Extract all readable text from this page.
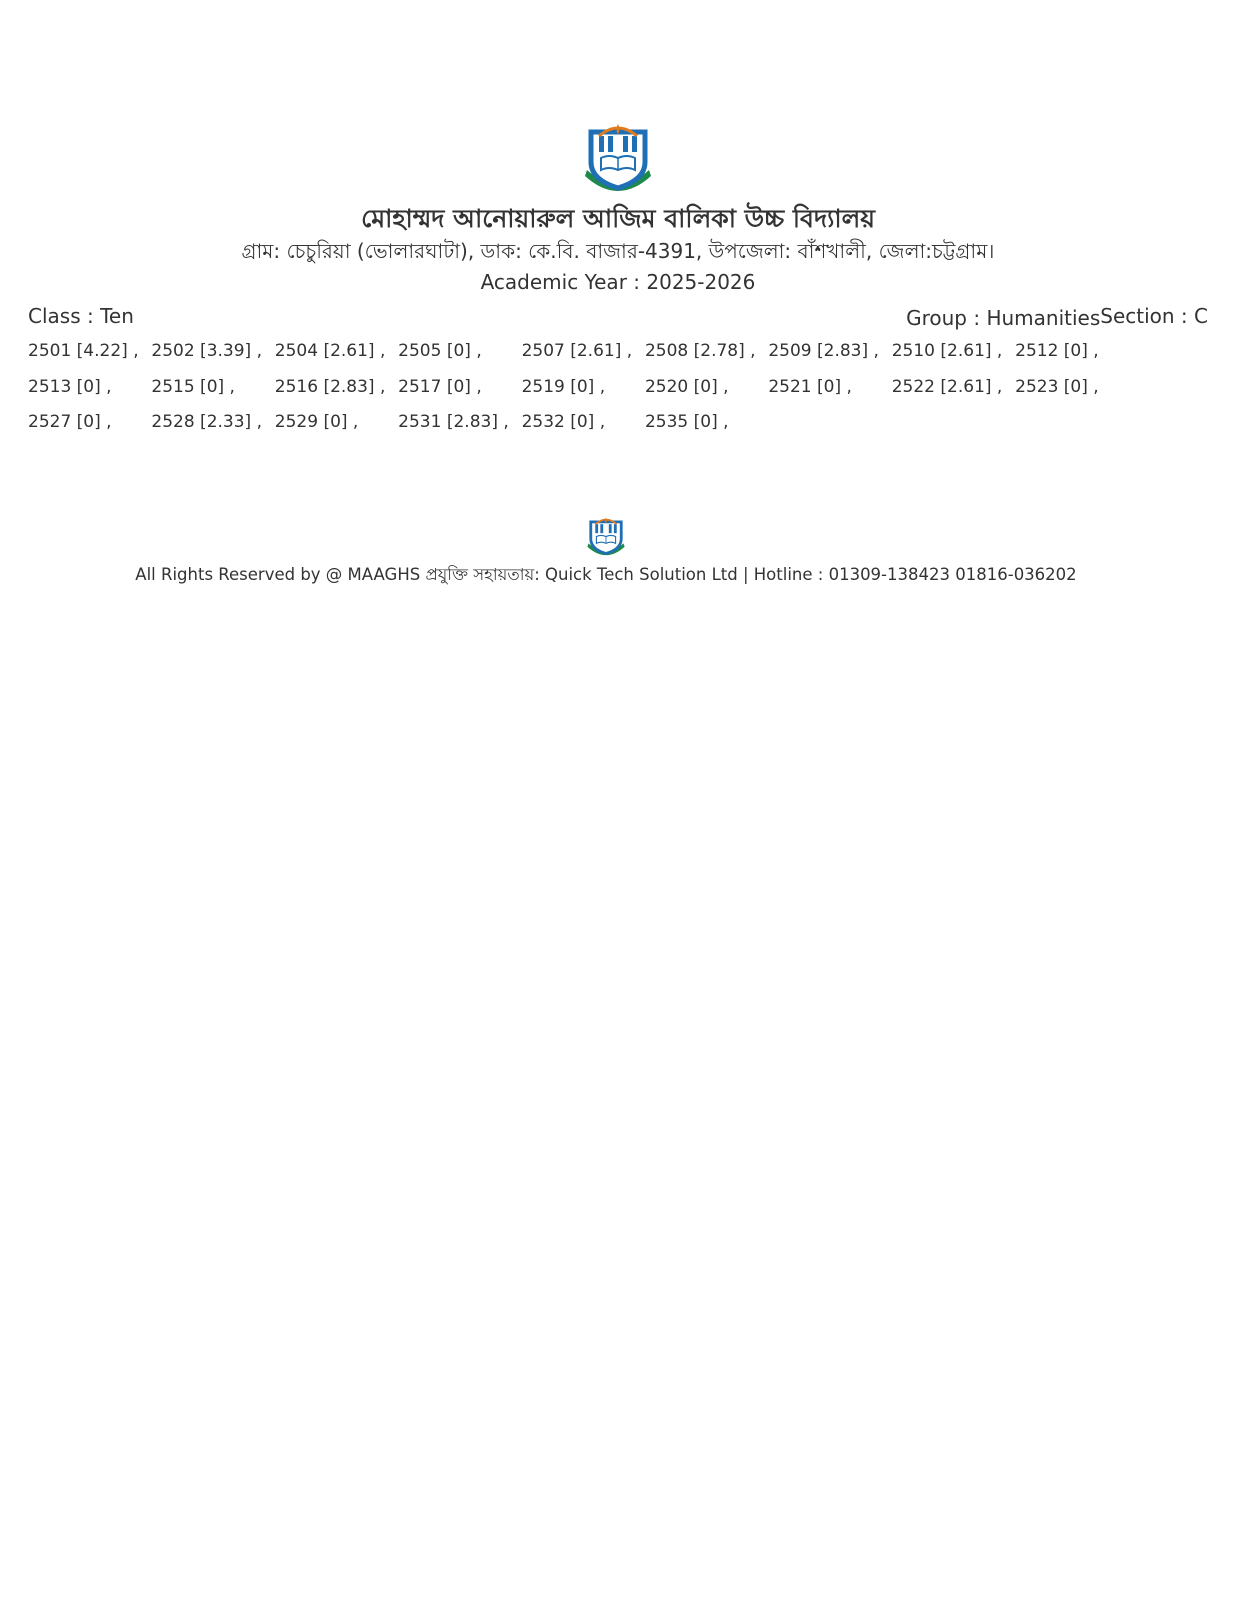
মোহাম্মদ আনোয়ারুল আজিম বালিকা উচ্চ বিদ্যালয়
গ্রাম: চেচুরিয়া (ভোলারঘাটা), ডাক: কে.বি. বাজার-4391, উপজেলা: বাঁশখালী, জেলা:চট্টগ্রাম।
Academic Year : 2025-2026
Class : Ten	Group : HumanitiesSection : C
2501 [4.22] , 2502 [3.39] , 2504 [2.61] , 2505 [0] , 2507 [2.61] , 2508 [2.78] , 2509 [2.83] , 2510 [2.61] , 2512 [0] ,
2513 [0] , 2515 [0] , 2516 [2.83] , 2517 [0] , 2519 [0] , 2520 [0] , 2521 [0] , 2522 [2.61] , 2523 [0] ,
2527 [0] , 2528 [2.33] , 2529 [0] , 2531 [2.83] , 2532 [0] , 2535 [0] ,
All Rights Reserved by @ MAAGHS প্রযুক্তি সহায়তায়: Quick Tech Solution Ltd | Hotline : 01309-138423 01816-036202
